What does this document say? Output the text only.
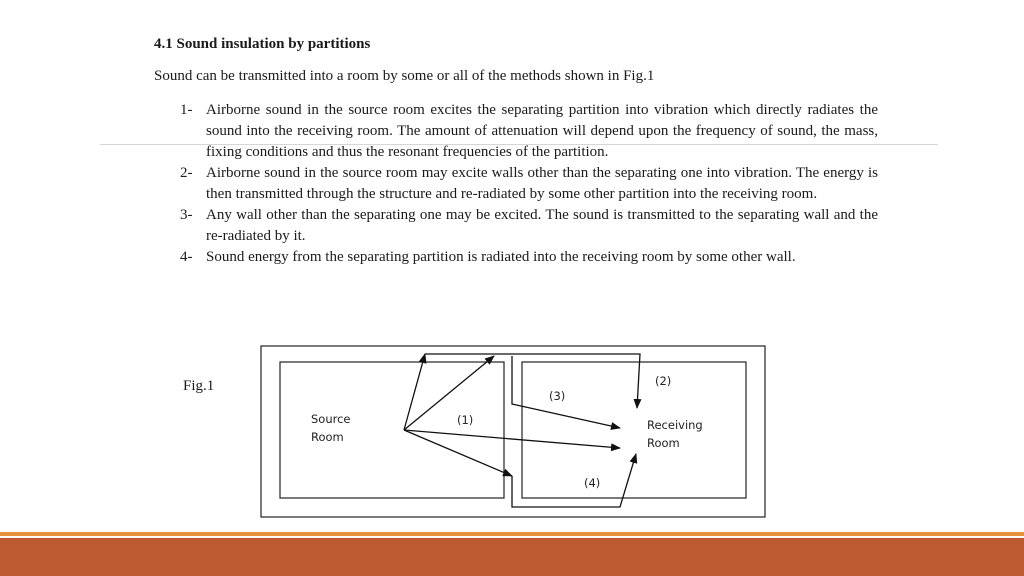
4.1 Sound insulation by partitions
Sound can be transmitted into a room by some or all of the methods shown in Fig.1
1- Airborne sound in the source room excites the separating partition into vibration which directly radiates the sound into the receiving room. The amount of attenuation will depend upon the frequency of sound, the mass, fixing conditions and thus the resonant frequencies of the partition.
2- Airborne sound in the source room may excite walls other than the separating one into vibration. The energy is then transmitted through the structure and re-radiated by some other partition into the receiving room.
3- Any wall other than the separating one may be excited. The sound is transmitted to the separating wall and the re-radiated by it.
4- Sound energy from the separating partition is radiated into the receiving room by some other wall.
Fig.1
Source
Room
Receiving
Room
(1)
(2)
(3)
(4)
